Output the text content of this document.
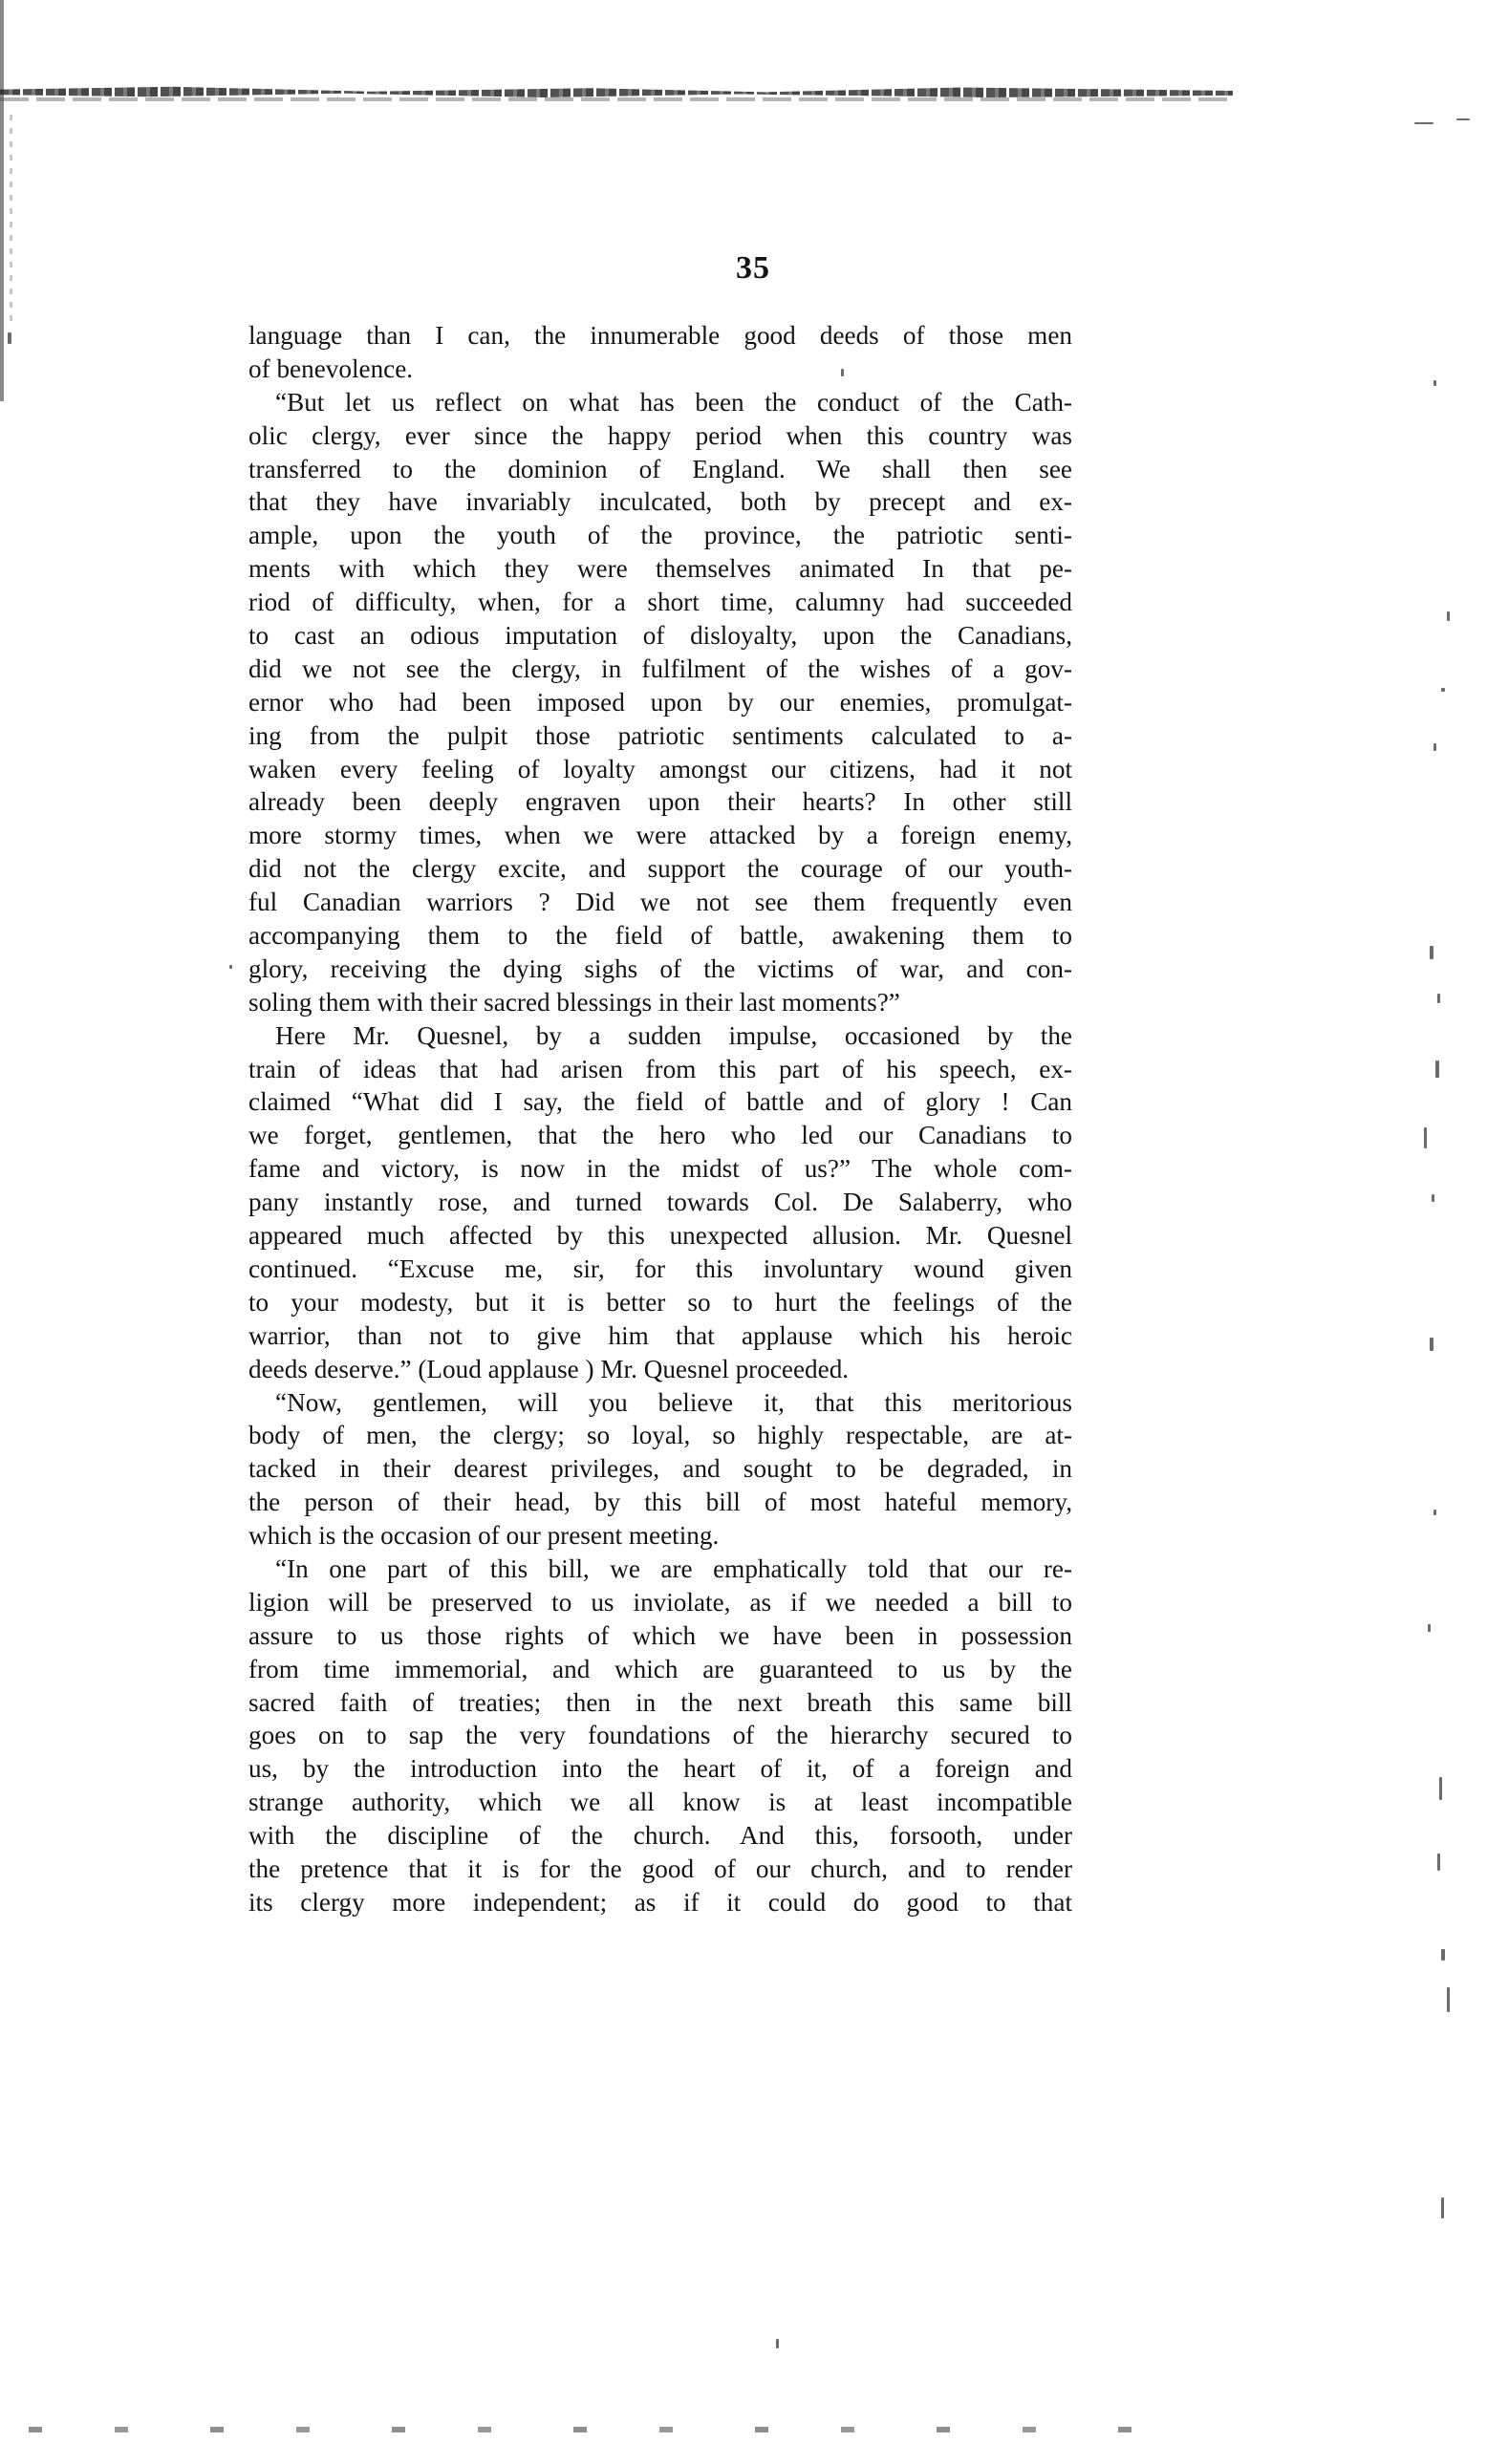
35
language than I can, the innumerable good deeds of those men
of benevolence.
“But let us reflect on what has been the conduct of the Cath-
olic clergy, ever since the happy period when this country was
transferred to the dominion of England. We shall then see
that they have invariably inculcated, both by precept and ex-
ample, upon the youth of the province, the patriotic senti-
ments with which they were themselves animated In that pe-
riod of difficulty, when, for a short time, calumny had succeeded
to cast an odious imputation of disloyalty, upon the Canadians,
did we not see the clergy, in fulfilment of the wishes of a gov-
ernor who had been imposed upon by our enemies, promulgat-
ing from the pulpit those patriotic sentiments calculated to a-
waken every feeling of loyalty amongst our citizens, had it not
already been deeply engraven upon their hearts? In other still
more stormy times, when we were attacked by a foreign enemy,
did not the clergy excite, and support the courage of our youth-
ful Canadian warriors ? Did we not see them frequently even
accompanying them to the field of battle, awakening them to
glory, receiving the dying sighs of the victims of war, and con-
soling them with their sacred blessings in their last moments?”
Here Mr. Quesnel, by a sudden impulse, occasioned by the
train of ideas that had arisen from this part of his speech, ex-
claimed “What did I say, the field of battle and of glory ! Can
we forget, gentlemen, that the hero who led our Canadians to
fame and victory, is now in the midst of us?” The whole com-
pany instantly rose, and turned towards Col. De Salaberry, who
appeared much affected by this unexpected allusion. Mr. Quesnel
continued. “Excuse me, sir, for this involuntary wound given
to your modesty, but it is better so to hurt the feelings of the
warrior, than not to give him that applause which his heroic
deeds deserve.” (Loud applause ) Mr. Quesnel proceeded.
“Now, gentlemen, will you believe it, that this meritorious
body of men, the clergy; so loyal, so highly respectable, are at-
tacked in their dearest privileges, and sought to be degraded, in
the person of their head, by this bill of most hateful memory,
which is the occasion of our present meeting.
“In one part of this bill, we are emphatically told that our re-
ligion will be preserved to us inviolate, as if we needed a bill to
assure to us those rights of which we have been in possession
from time immemorial, and which are guaranteed to us by the
sacred faith of treaties; then in the next breath this same bill
goes on to sap the very foundations of the hierarchy secured to
us, by the introduction into the heart of it, of a foreign and
strange authority, which we all know is at least incompatible
with the discipline of the church. And this, forsooth, under
the pretence that it is for the good of our church, and to render
its clergy more independent; as if it could do good to that
